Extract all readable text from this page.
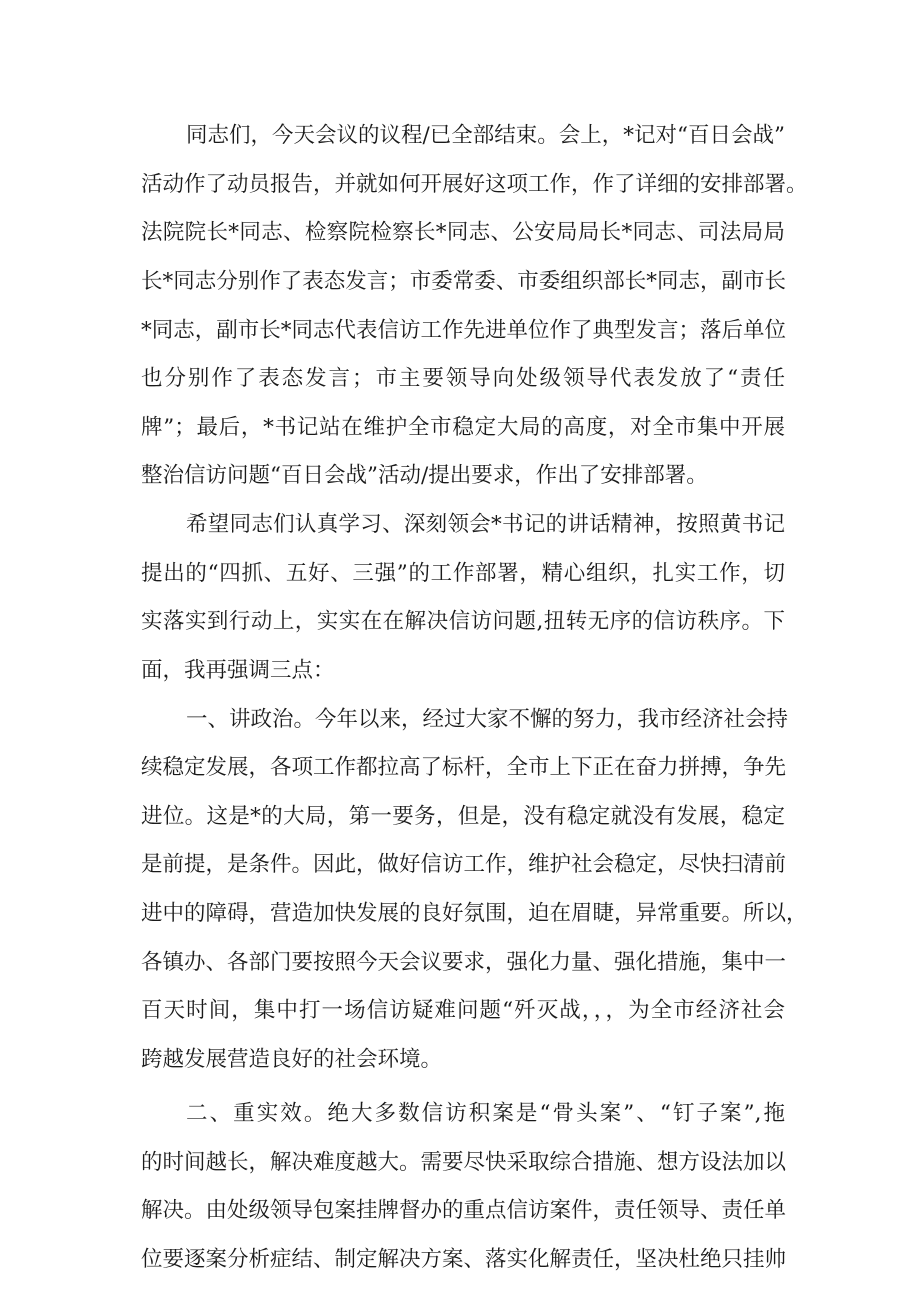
同志们，今天会议的议程/已全部结束。会上，*记对“百日会战”
活动作了动员报告，并就如何开展好这项工作，作了详细的安排部署。
法院院长*同志、检察院检察长*同志、公安局局长*同志、司法局局
长*同志分别作了表态发言；市委常委、市委组织部长*同志，副市长
*同志，副市长*同志代表信访工作先进单位作了典型发言；落后单位
也分别作了表态发言；市主要领导向处级领导代表发放了“责任
牌”；最后，*书记站在维护全市稳定大局的高度，对全市集中开展
整治信访问题“百日会战”活动/提出要求，作出了安排部署。
希望同志们认真学习、深刻领会*书记的讲话精神，按照黄书记
提出的“四抓、五好、三强”的工作部署，精心组织，扎实工作，切
实落实到行动上，实实在在解决信访问题,扭转无序的信访秩序。下
面，我再强调三点：
一、讲政治。今年以来，经过大家不懈的努力，我市经济社会持
续稳定发展，各项工作都拉高了标杆，全市上下正在奋力拼搏，争先
进位。这是*的大局，第一要务，但是，没有稳定就没有发展，稳定
是前提，是条件。因此，做好信访工作，维护社会稳定，尽快扫清前
进中的障碍，营造加快发展的良好氛围，迫在眉睫，异常重要。所以，
各镇办、各部门要按照今天会议要求，强化力量、强化措施，集中一
百天时间，集中打一场信访疑难问题“歼灭战，，，为全市经济社会
跨越发展营造良好的社会环境。
二、重实效。绝大多数信访积案是“骨头案”、“钉子案”,拖
的时间越长，解决难度越大。需要尽快采取综合措施、想方设法加以
解决。由处级领导包案挂牌督办的重点信访案件，责任领导、责任单
位要逐案分析症结、制定解决方案、落实化解责任，坚决杜绝只挂帅
